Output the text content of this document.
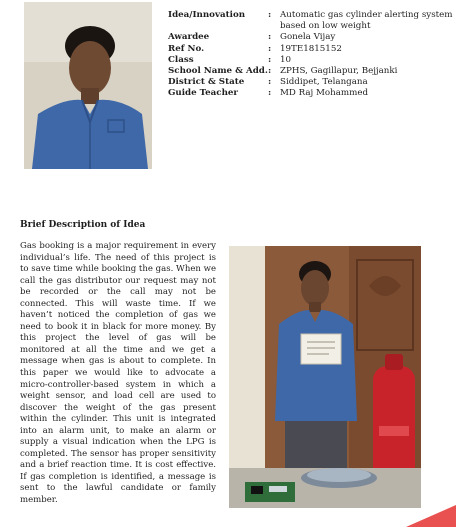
Idea/Innovation	:	Automatic gas cylinder alerting system based on low weight
Awardee	:	Gonela Vijay
Ref No.	:	19TE1815152
Class	:	10
School Name & Add.	:	ZPHS, Gagillapur, Bejjanki
District & State	:	Siddipet, Telangana
Guide Teacher	:	MD Raj Mohammed
Brief Description of Idea

Gas booking is a major requirement in every individual’s life. The need of this project is to save time while booking the gas. When we call the gas distributor our request may not be recorded or the call may not be connected. This will waste time. If we haven’t noticed the completion of gas we need to book it in black for more money. By this project the level of gas will be monitored at all the time and we get a message when gas is about to complete. In this paper we would like to advocate a micro-controller-based system in which a weight sensor, and load cell are used to discover the weight of the gas present within the cylinder. This unit is integrated into an alarm unit, to make an alarm or supply a visual indication when the LPG is completed. The sensor has proper sensitivity and a brief reaction time. It is cost effective. If gas completion is identified, a message is sent to the lawful candidate or family member.
